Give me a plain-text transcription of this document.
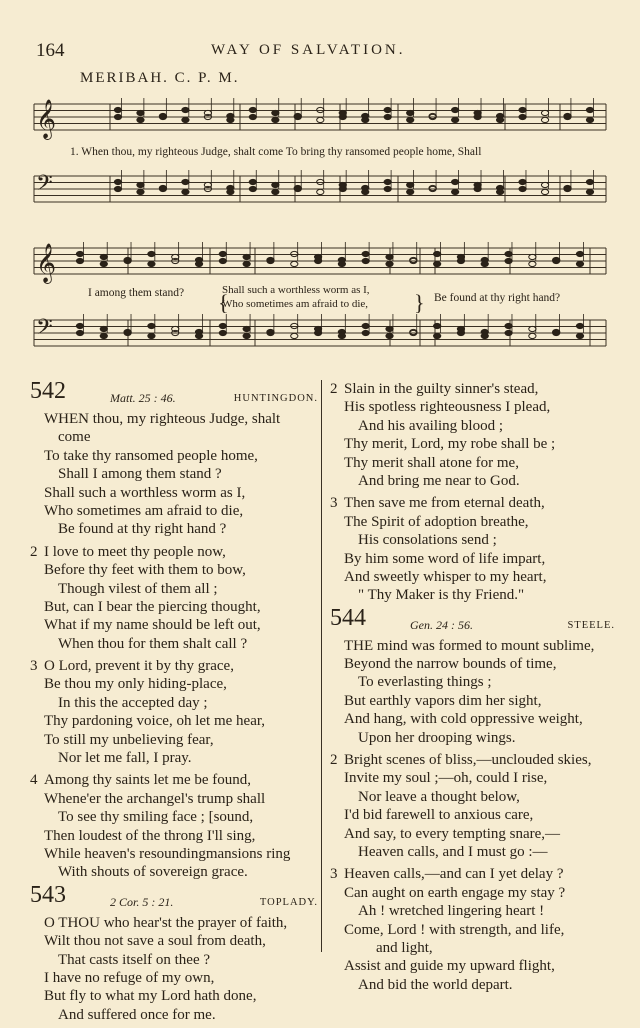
164	WAY OF SALVATION.
MERIBAH. C. P. M.
𝄞
𝄢
1. When thou, my righteous Judge, shalt come To bring thy ransomed people home, Shall
𝄞
𝄢
I among them stand?	Shall such a worthless worm as I,
Who sometimes am afraid to die,
{	} Be found at thy right hand?
542	Matt. 25 : 46.	HUNTINGDON.
WHEN thou, my righteous Judge, shalt
come
To take thy ransomed people home,
Shall I among them stand ?
Shall such a worthless worm as I,
Who sometimes am afraid to die,
Be found at thy right hand ?
2 I love to meet thy people now,
Before thy feet with them to bow,
Though vilest of them all ;
But, can I bear the piercing thought,
What if my name should be left out,
When thou for them shalt call ?
3 O Lord, prevent it by thy grace,
Be thou my only hiding-place,
In this the accepted day ;
Thy pardoning voice, oh let me hear,
To still my unbelieving fear,
Nor let me fall, I pray.
4 Among thy saints let me be found,
Whene'er the archangel's trump shall
To see thy smiling face ; [sound,
Then loudest of the throng I'll sing,
While heaven's resoundingmansions ring
With shouts of sovereign grace.
543	2 Cor. 5 : 21.	TOPLADY.
O THOU who hear'st the prayer of faith,
Wilt thou not save a soul from death,
That casts itself on thee ?
I have no refuge of my own,
But fly to what my Lord hath done,
And suffered once for me.
2 Slain in the guilty sinner's stead,
His spotless righteousness I plead,
And his availing blood ;
Thy merit, Lord, my robe shall be ;
Thy merit shall atone for me,
And bring me near to God.
3 Then save me from eternal death,
The Spirit of adoption breathe,
His consolations send ;
By him some word of life impart,
And sweetly whisper to my heart,
" Thy Maker is thy Friend."
544	Gen. 24 : 56.	STEELE.
THE mind was formed to mount sublime,
Beyond the narrow bounds of time,
To everlasting things ;
But earthly vapors dim her sight,
And hang, with cold oppressive weight,
Upon her drooping wings.
2 Bright scenes of bliss,—unclouded skies,
Invite my soul ;—oh, could I rise,
Nor leave a thought below,
I'd bid farewell to anxious care,
And say, to every tempting snare,—
Heaven calls, and I must go :—
3 Heaven calls,—and can I yet delay ?
Can aught on earth engage my stay ?
Ah ! wretched lingering heart !
Come, Lord ! with strength, and life,
and light,
Assist and guide my upward flight,
And bid the world depart.
